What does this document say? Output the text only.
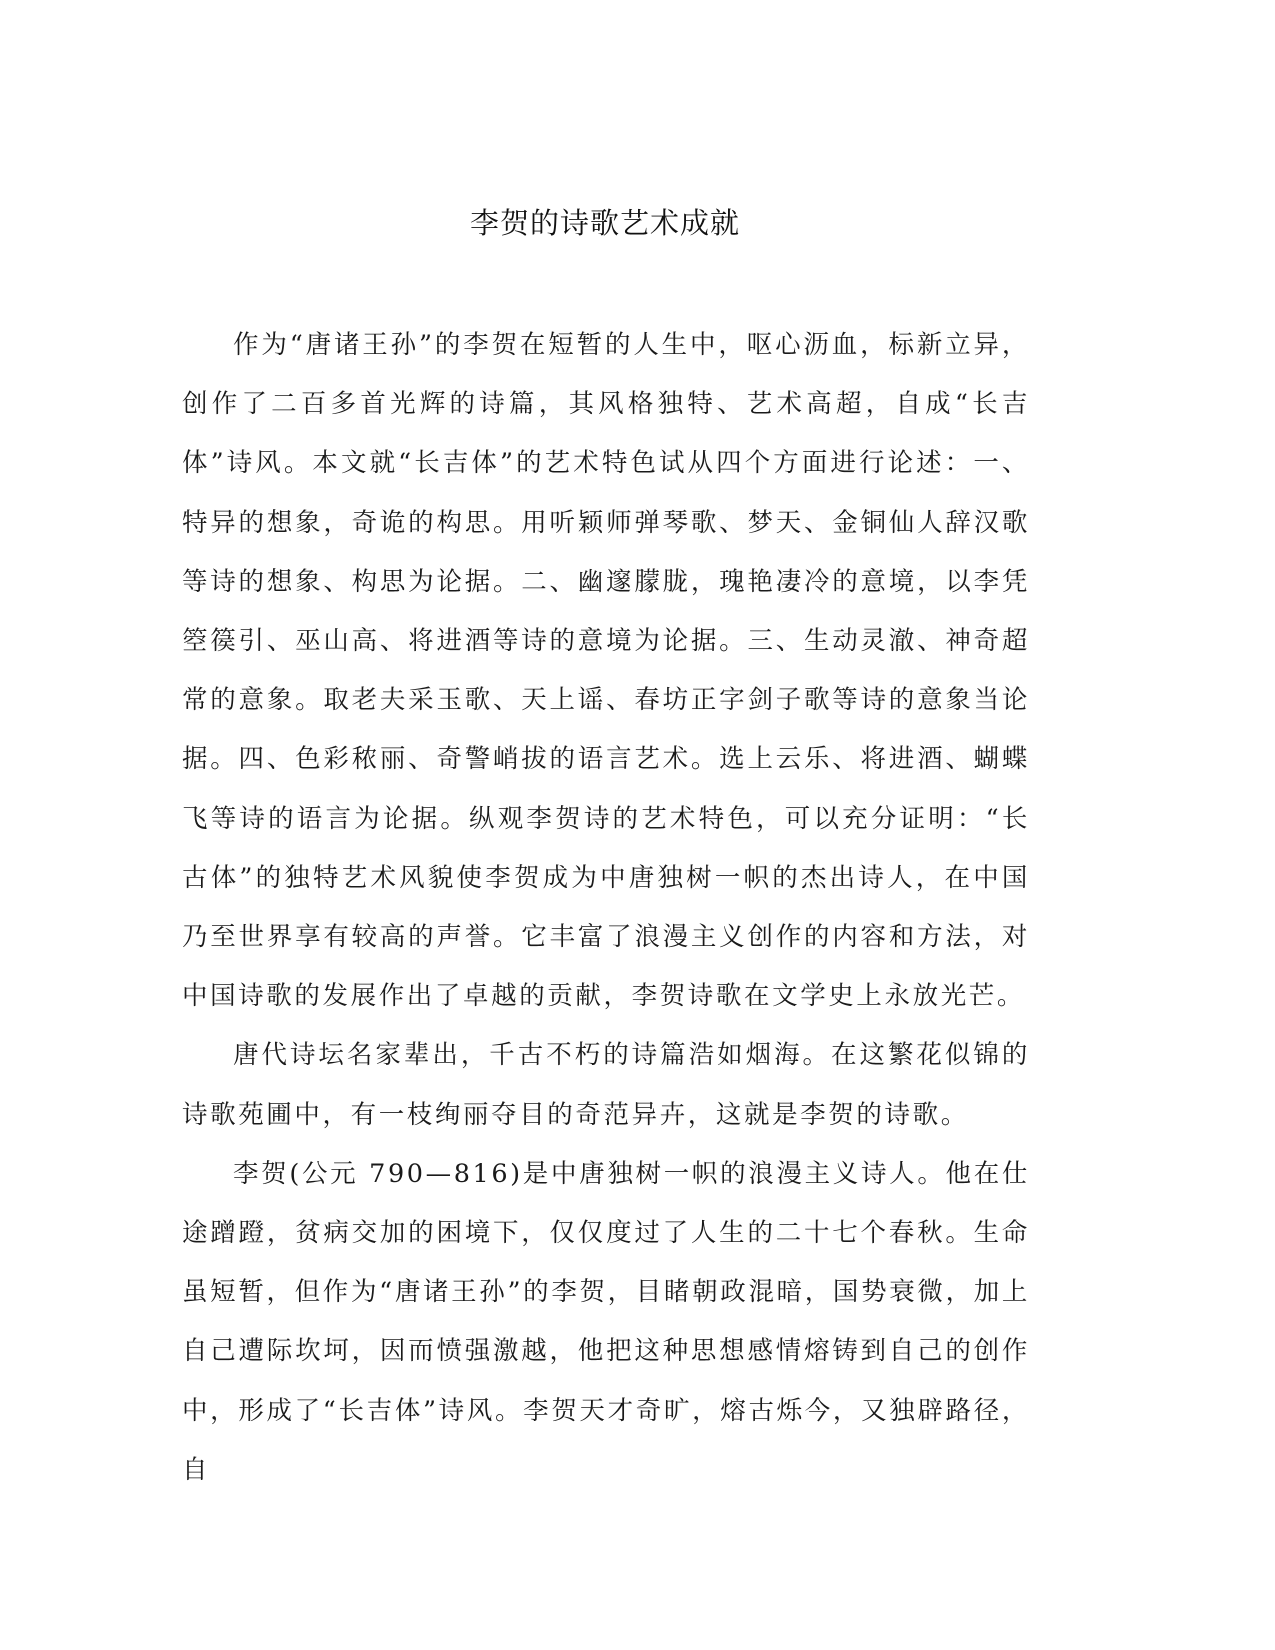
李贺的诗歌艺术成就

作为“唐诸王孙”的李贺在短暂的人生中，呕心沥血，标新立异，创作了二百多首光辉的诗篇，其风格独特、艺术高超，自成“长吉体”诗风。本文就“长吉体”的艺术特色试从四个方面进行论述：一、特异的想象，奇诡的构思。用听颖师弹琴歌、梦天、金铜仙人辞汉歌等诗的想象、构思为论据。二、幽邃朦胧，瑰艳凄冷的意境，以李凭箜篌引、巫山高、将进酒等诗的意境为论据。三、生动灵澈、神奇超常的意象。取老夫采玉歌、天上谣、春坊正字剑子歌等诗的意象当论据。四、色彩秾丽、奇警峭拔的语言艺术。选上云乐、将进酒、蝴蝶飞等诗的语言为论据。纵观李贺诗的艺术特色，可以充分证明：“长古体”的独特艺术风貌使李贺成为中唐独树一帜的杰出诗人，在中国乃至世界享有较高的声誉。它丰富了浪漫主义创作的内容和方法，对中国诗歌的发展作出了卓越的贡献，李贺诗歌在文学史上永放光芒。

唐代诗坛名家辈出，千古不朽的诗篇浩如烟海。在这繁花似锦的诗歌苑圃中，有一枝绚丽夺目的奇范异卉，这就是李贺的诗歌。

李贺(公元 790—816)是中唐独树一帜的浪漫主义诗人。他在仕途蹭蹬，贫病交加的困境下，仅仅度过了人生的二十七个春秋。生命虽短暂，但作为“唐诸王孙”的李贺，目睹朝政混暗，国势衰微，加上自己遭际坎坷，因而愤强激越，他把这种思想感情熔铸到自己的创作中，形成了“长吉体”诗风。李贺天才奇旷，熔古烁今，又独辟路径，自
